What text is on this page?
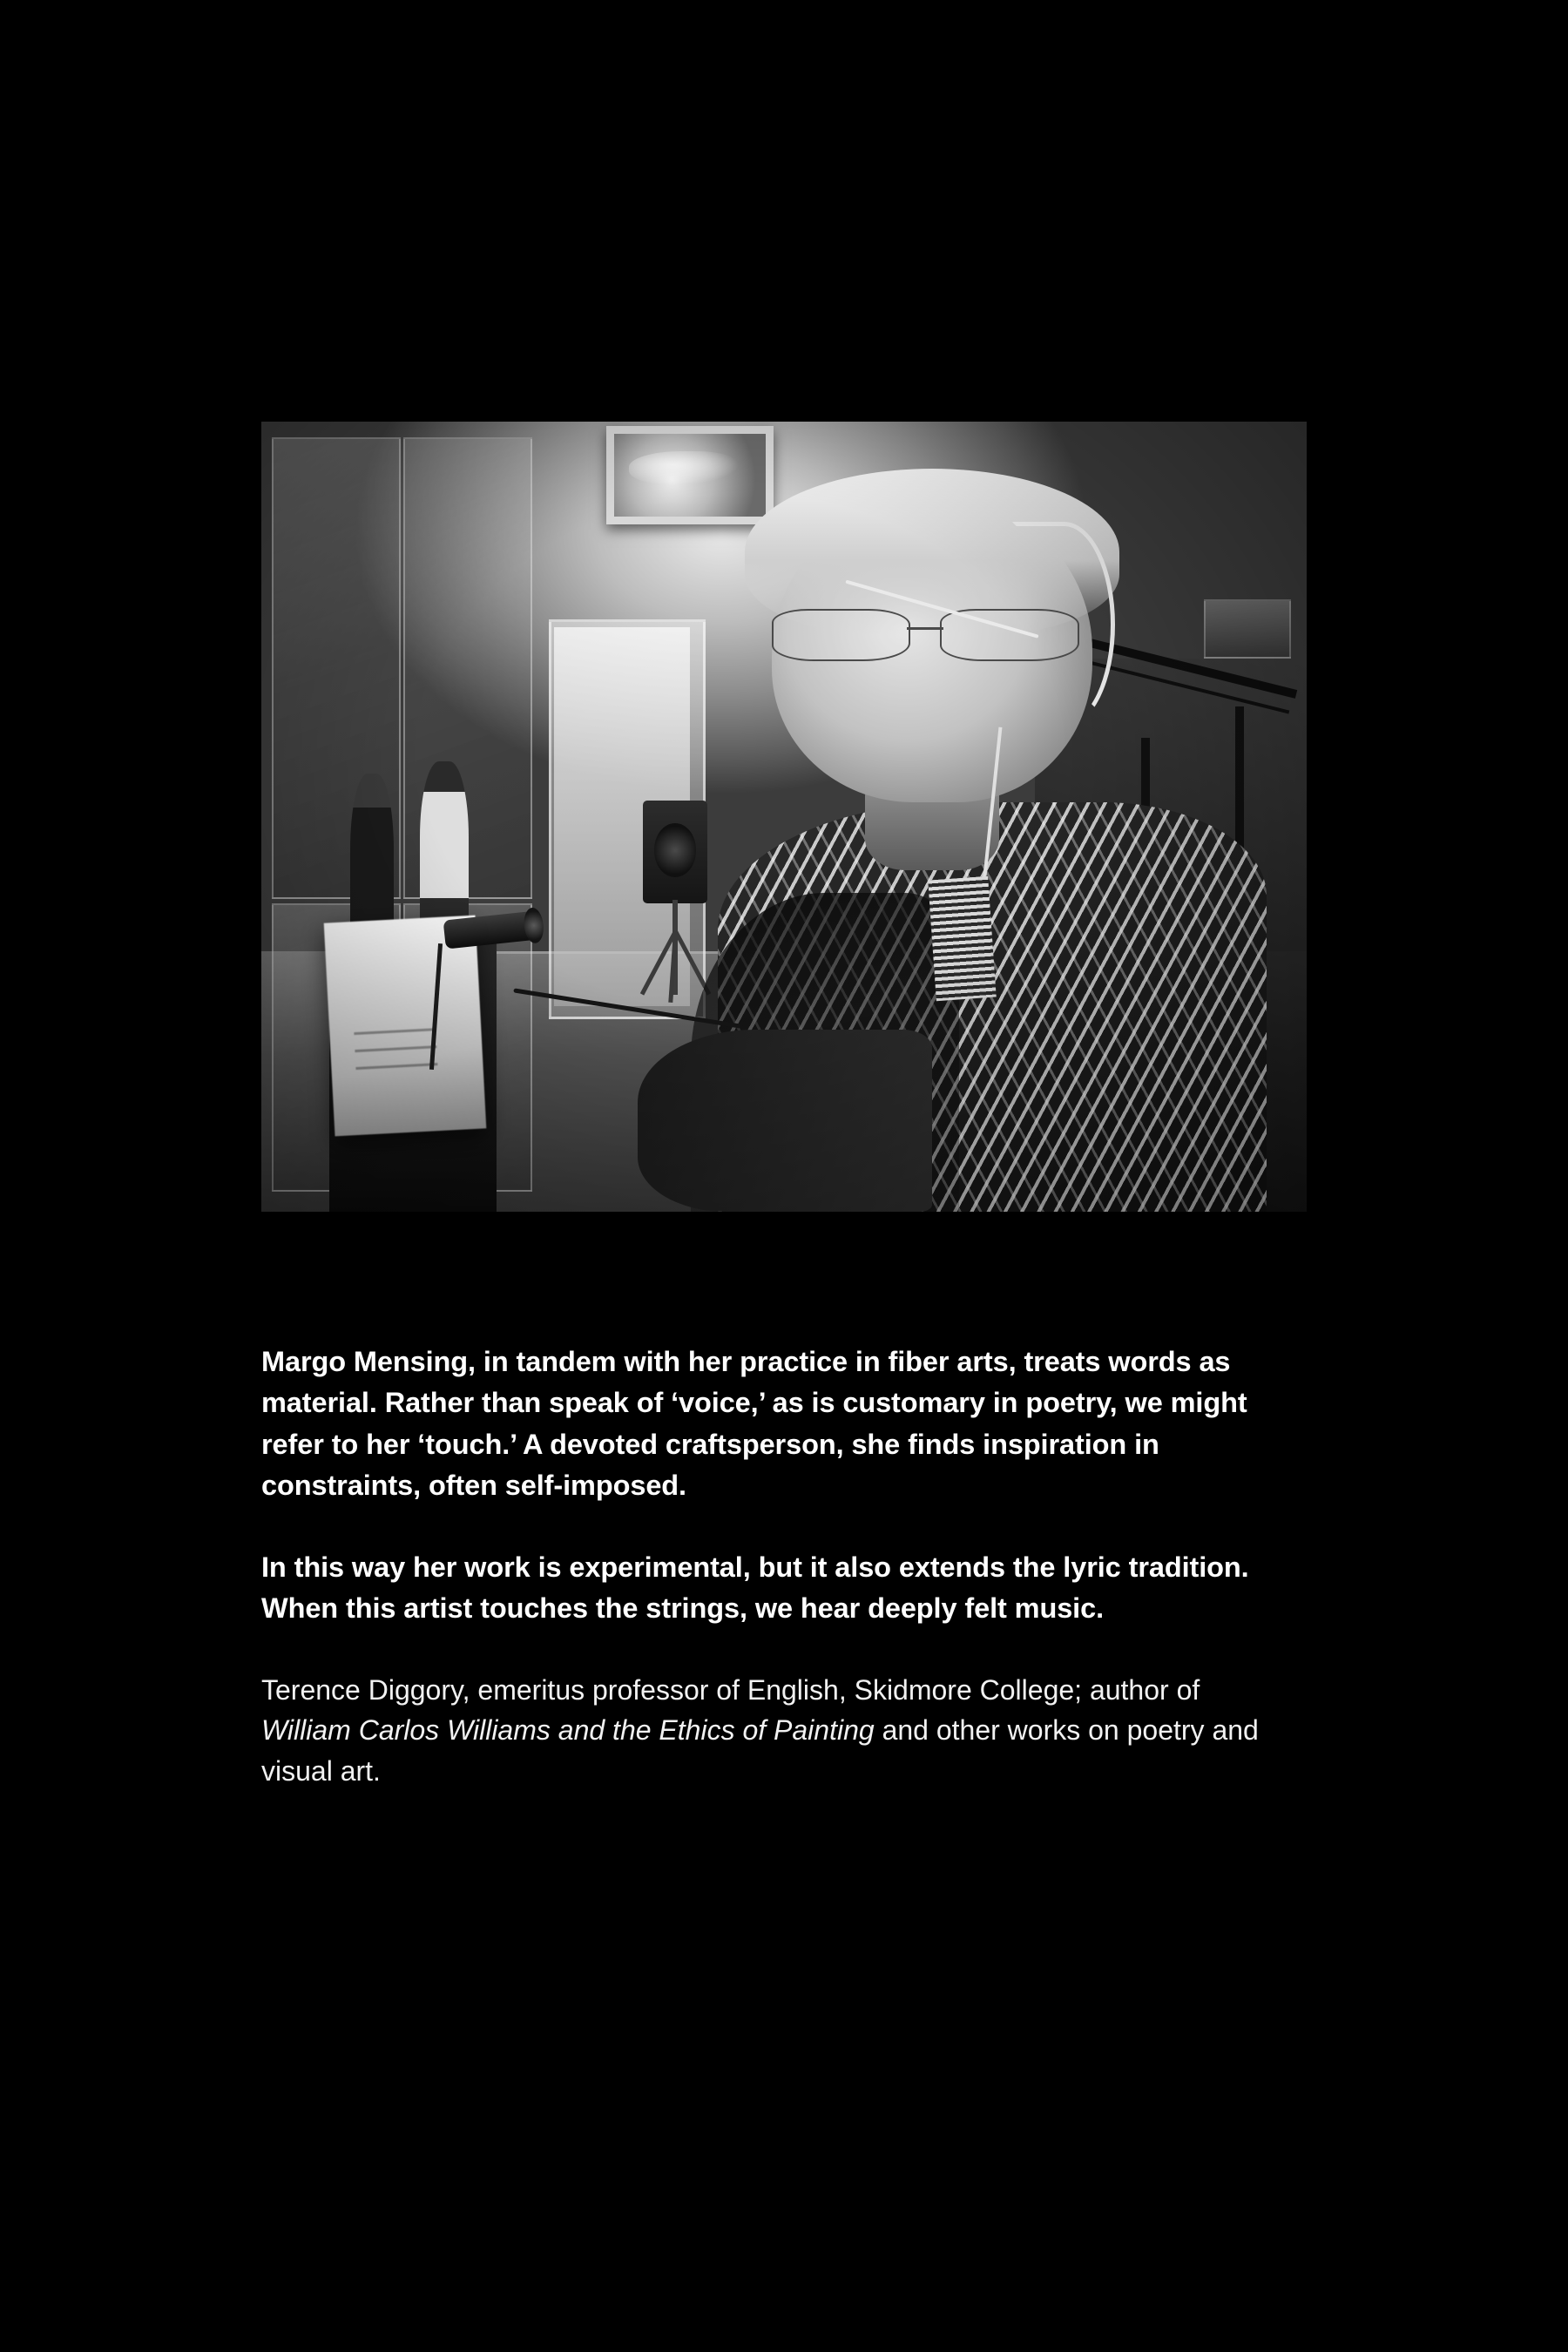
Margo Mensing, in tandem with her practice in fiber arts, treats words as material. Rather than speak of ‘voice,’ as is customary in poetry, we might refer to her ‘touch.’ A devoted craftsperson, she finds inspiration in constraints, often self-imposed.

In this way her work is experimental, but it also extends the lyric tradition. When this artist touches the strings, we hear deeply felt music.

Terence Diggory, emeritus professor of English, Skidmore College; author of William Carlos Williams and the Ethics of Painting and other works on poetry and visual art.
